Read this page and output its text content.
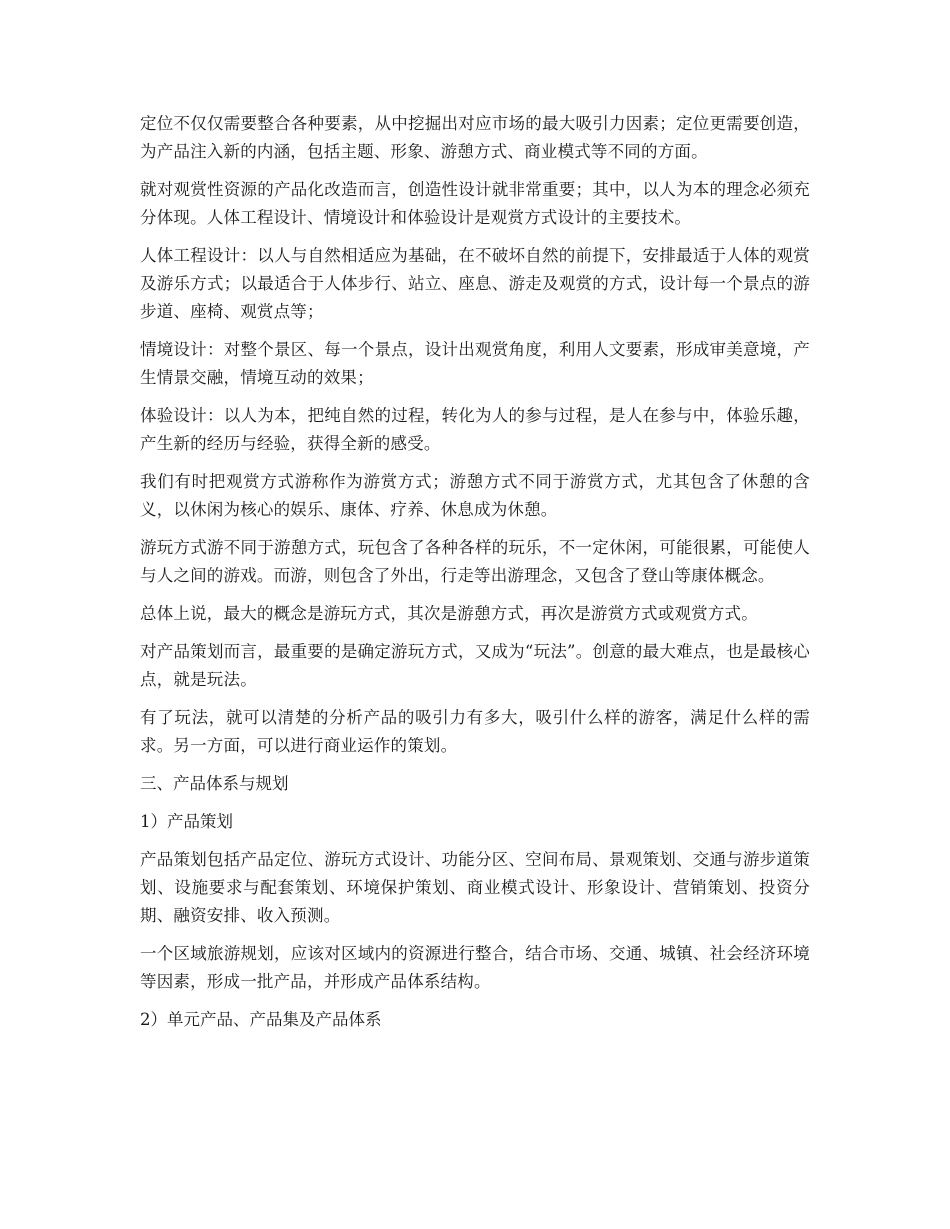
定位不仅仅需要整合各种要素，从中挖掘出对应市场的最大吸引力因素；定位更需要创造，为产品注入新的内涵，包括主题、形象、游憩方式、商业模式等不同的方面。

就对观赏性资源的产品化改造而言，创造性设计就非常重要；其中，以人为本的理念必须充分体现。人体工程设计、情境设计和体验设计是观赏方式设计的主要技术。

人体工程设计：以人与自然相适应为基础，在不破坏自然的前提下，安排最适于人体的观赏及游乐方式；以最适合于人体步行、站立、座息、游走及观赏的方式，设计每一个景点的游步道、座椅、观赏点等；

情境设计：对整个景区、每一个景点，设计出观赏角度，利用人文要素，形成审美意境，产生情景交融，情境互动的效果；

体验设计：以人为本，把纯自然的过程，转化为人的参与过程，是人在参与中，体验乐趣，产生新的经历与经验，获得全新的感受。

我们有时把观赏方式游称作为游赏方式；游憩方式不同于游赏方式，尤其包含了休憩的含义，以休闲为核心的娱乐、康体、疗养、休息成为休憩。

游玩方式游不同于游憩方式，玩包含了各种各样的玩乐，不一定休闲，可能很累，可能使人与人之间的游戏。而游，则包含了外出，行走等出游理念，又包含了登山等康体概念。

总体上说，最大的概念是游玩方式，其次是游憩方式，再次是游赏方式或观赏方式。

对产品策划而言，最重要的是确定游玩方式，又成为“玩法”。创意的最大难点，也是最核心点，就是玩法。

有了玩法，就可以清楚的分析产品的吸引力有多大，吸引什么样的游客，满足什么样的需求。另一方面，可以进行商业运作的策划。

三、产品体系与规划

1）产品策划

产品策划包括产品定位、游玩方式设计、功能分区、空间布局、景观策划、交通与游步道策划、设施要求与配套策划、环境保护策划、商业模式设计、形象设计、营销策划、投资分期、融资安排、收入预测。

一个区域旅游规划，应该对区域内的资源进行整合，结合市场、交通、城镇、社会经济环境等因素，形成一批产品，并形成产品体系结构。

2）单元产品、产品集及产品体系
